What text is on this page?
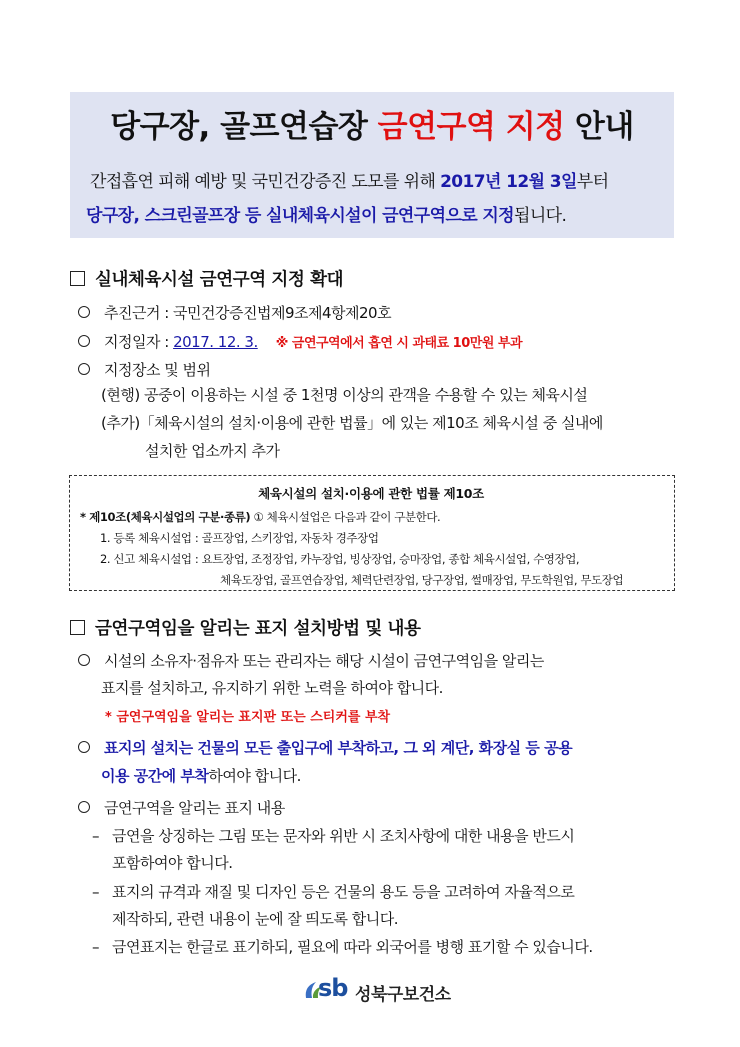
당구장, 골프연습장 금연구역 지정 안내
간접흡연 피해 예방 및 국민건강증진 도모를 위해 2017년 12월 3일부터
당구장, 스크린골프장 등 실내체육시설이 금연구역으로 지정됩니다.
실내체육시설 금연구역 지정 확대
추진근거 : 국민건강증진법제9조제4항제20호
지정일자 : 2017. 12. 3. ※ 금연구역에서 흡연 시 과태료 10만원 부과
지정장소 및 범위
(현행) 공중이 이용하는 시설 중 1천명 이상의 관객을 수용할 수 있는 체육시설
(추가)「체육시설의 설치·이용에 관한 법률」에 있는 제10조 체육시설 중 실내에
설치한 업소까지 추가
체육시설의 설치·이용에 관한 법률 제10조
* 제10조(체육시설업의 구분·종류) ① 체육시설업은 다음과 같이 구분한다.
1. 등록 체육시설업 : 골프장업, 스키장업, 자동차 경주장업
2. 신고 체육시설업 : 요트장업, 조정장업, 카누장업, 빙상장업, 승마장업, 종합 체육시설업, 수영장업,
체육도장업, 골프연습장업, 체력단련장업, 당구장업, 썰매장업, 무도학원업, 무도장업
금연구역임을 알리는 표지 설치방법 및 내용
시설의 소유자·점유자 또는 관리자는 해당 시설이 금연구역임을 알리는
표지를 설치하고, 유지하기 위한 노력을 하여야 합니다.
* 금연구역임을 알리는 표지판 또는 스티커를 부착
표지의 설치는 건물의 모든 출입구에 부착하고, 그 외 계단, 화장실 등 공용
이용 공간에 부착하여야 합니다.
금연구역을 알리는 표지 내용
– 금연을 상징하는 그림 또는 문자와 위반 시 조치사항에 대한 내용을 반드시
포함하여야 합니다.
– 표지의 규격과 재질 및 디자인 등은 건물의 용도 등을 고려하여 자율적으로
제작하되, 관련 내용이 눈에 잘 띄도록 합니다.
– 금연표지는 한글로 표기하되, 필요에 따라 외국어를 병행 표기할 수 있습니다.
sb 성북구보건소
